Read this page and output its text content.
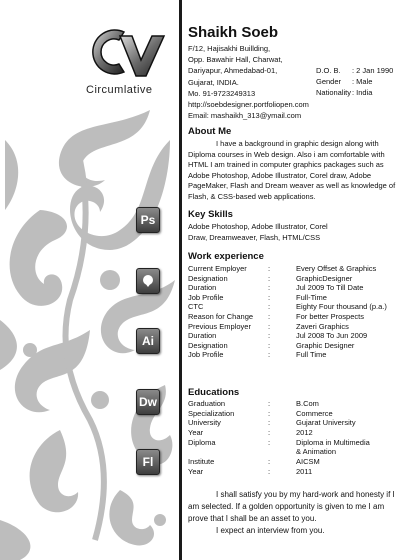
Circumlative
Ps
Ai
Dw
Fl
Shaikh Soeb
F/12, Hajisakhi Buillding,
Opp. Bawahir Hall, Charwat,
Dariyapur, Ahmedabad-01,
Gujarat, INDIA.
Mo. 91-9723249313
http://soebdesigner.portfoliopen.com
Email: mashaikh_313@ymail.com
D.O. B.	: 2 Jan 1990
Gender	: Male
Nationality : India
About Me
I have a background in graphic design along with Diploma courses in Web design. Also i am comfortable with HTML I am trained in computer graphics packages such as Adobe Photoshop, Adobe Illustrator, Corel draw, Adobe PageMaker, Flash and Dream weaver as well as knowledge of Flash, & CSS-based web applications.
Key Skills
Adobe Photoshop, Adobe Illustrator, Corel Draw, Dreamweaver, Flash, HTML/CSS
Work experience
Current Employer	:	Every Offset & Graphics
Designation	:	GraphicDesigner
Duration	:	Jul 2009 To Till Date
Job Profile	:	Full-Time
CTC	:	Eighty Four thousand (p.a.)
Reason for Change	:	For better Prospects
Previous Employer	:	Zaveri Graphics
Duration	:	Jul 2008 To Jun 2009
Designation	:	Graphic Designer
Job Profile	:	Full Time
Educations
Graduation	:	B.Com
Specialization	:	Commerce
University	:	Gujarat University
Year	:	2012
Diploma	:	Diploma in Multimedia
& Animation
Institute	:	AICSM
Year	:	2011
I shall satisfy you by my hard-work and honesty if I am selected. If a golden opportunity is given to me I am prove that I shall be an asset to you.
I expect an interview from you.
